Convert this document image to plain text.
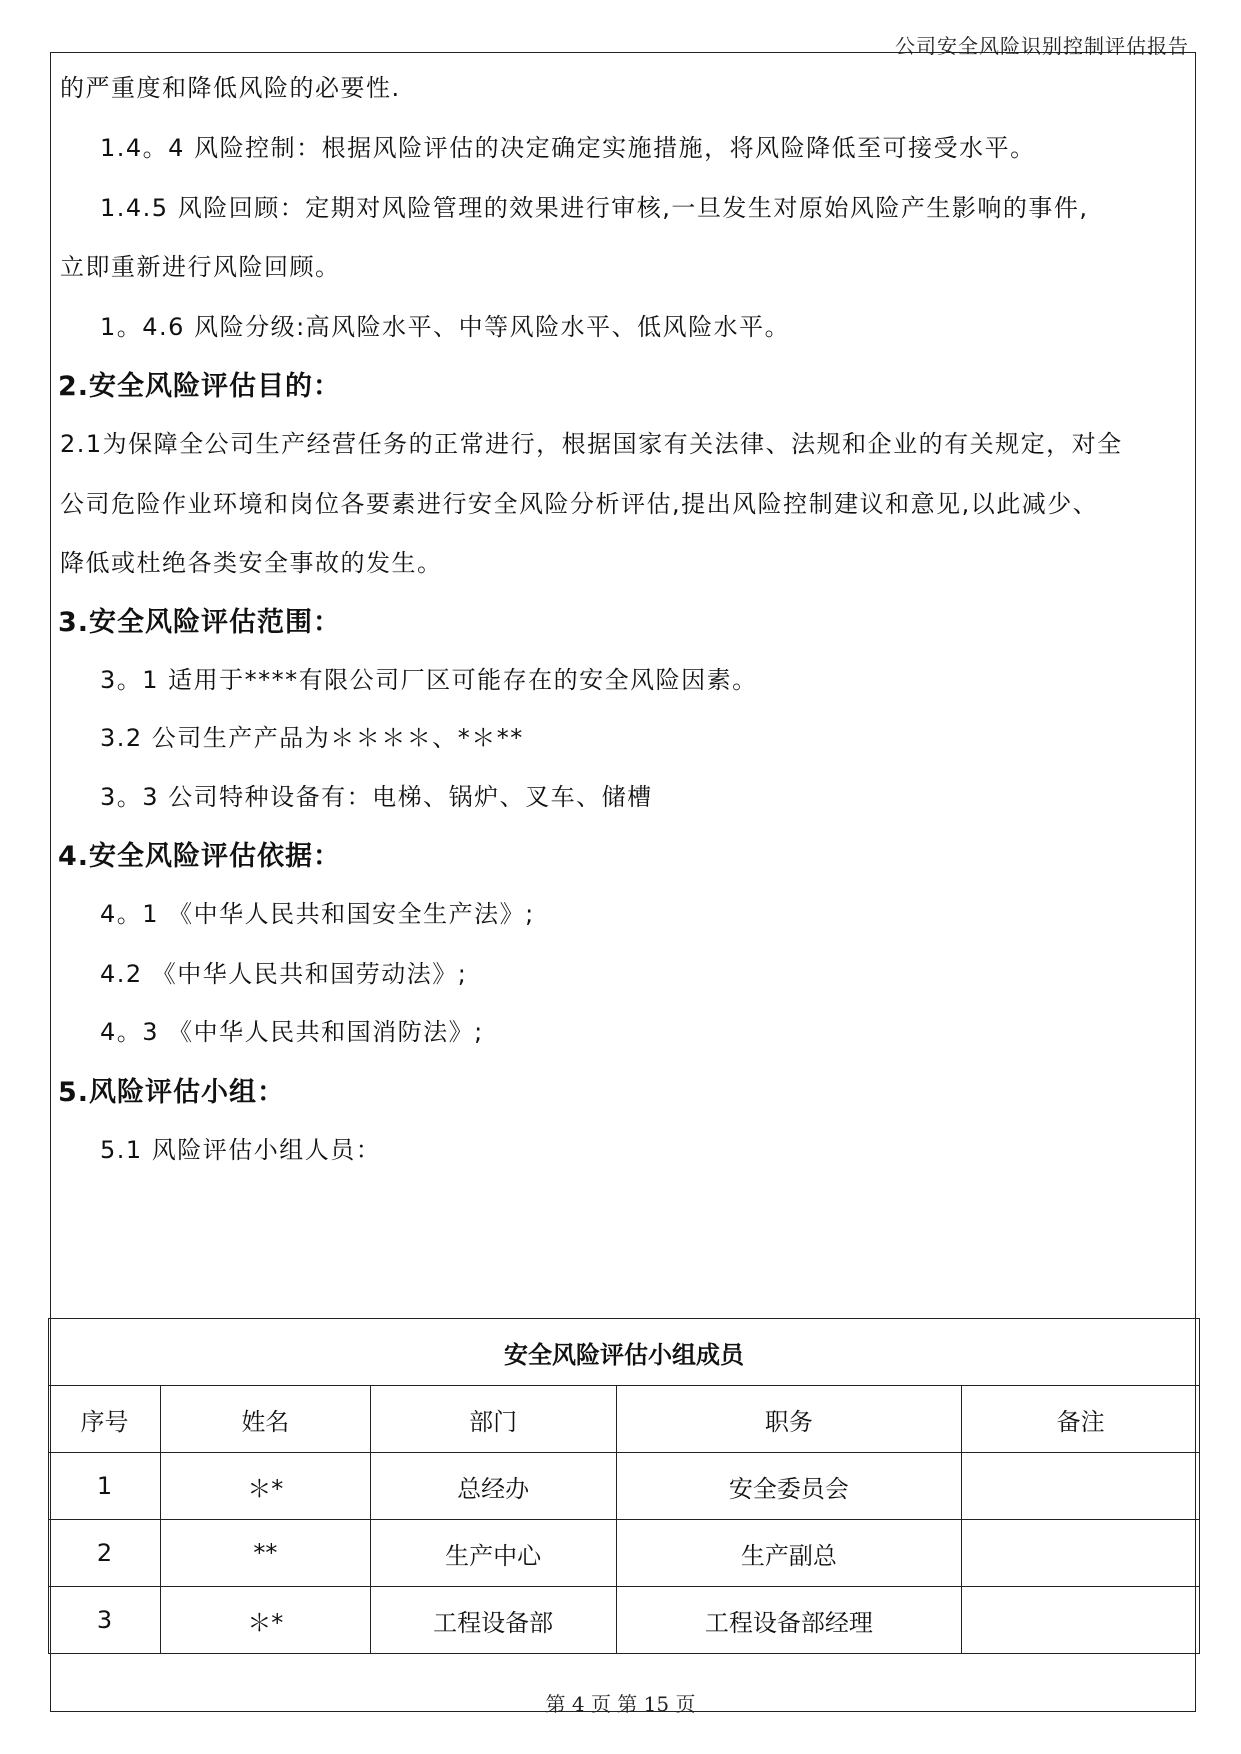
公司安全风险识别控制评估报告
的严重度和降低风险的必要性.
1.4。4 风险控制：根据风险评估的决定确定实施措施，将风险降低至可接受水平。
1.4.5 风险回顾：定期对风险管理的效果进行审核,一旦发生对原始风险产生影响的事件,
立即重新进行风险回顾。
1。4.6 风险分级:高风险水平、中等风险水平、低风险水平。
2.安全风险评估目的：
2.1为保障全公司生产经营任务的正常进行，根据国家有关法律、法规和企业的有关规定，对全
公司危险作业环境和岗位各要素进行安全风险分析评估,提出风险控制建议和意见,以此减少、
降低或杜绝各类安全事故的发生。
3.安全风险评估范围：
3。1 适用于****有限公司厂区可能存在的安全风险因素。
3.2 公司生产产品为＊＊＊＊、*＊**
3。3 公司特种设备有：电梯、锅炉、叉车、储槽
4.安全风险评估依据：
4。1 《中华人民共和国安全生产法》;
4.2 《中华人民共和国劳动法》;
4。3 《中华人民共和国消防法》;
5.风险评估小组：
5.1 风险评估小组人员：
安全风险评估小组成员				
序号	姓名	部门	职务	备注
1	＊*	总经办	安全委员会	
2	**	生产中心	生产副总	
3	＊*	工程设备部	工程设备部经理	
第 4 页 第 15 页
